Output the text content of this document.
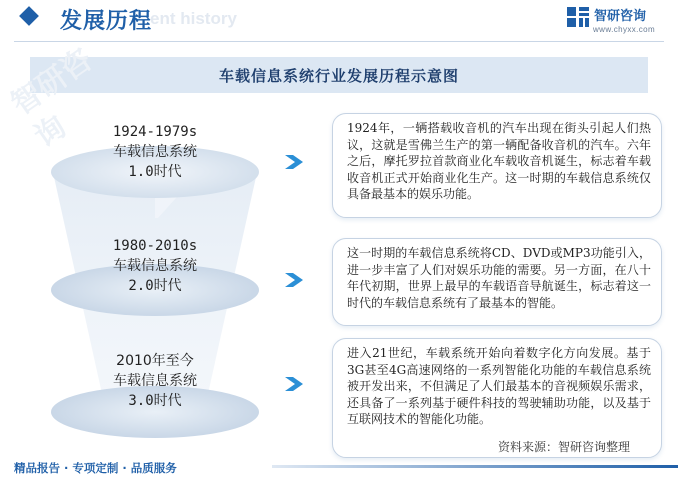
ent history
发展历程	智研咨询
www.chyxx.com
车载信息系统行业发展历程示意图
智研咨询	1924-1979s
车载信息系统
1.0时代
1980-2010s
车载信息系统
2.0时代
2010年至今
车载信息系统
3.0时代

1924年，一辆搭载收音机的汽车出现在街头引起人们热议，这就是雪佛兰生产的第一辆配备收音机的汽车。六年之后，摩托罗拉首款商业化车载收音机诞生，标志着车载收音机正式开始商业化生产。这一时期的车载信息系统仅具备最基本的娱乐功能。

这一时期的车载信息系统将CD、DVD或MP3功能引入，进一步丰富了人们对娱乐功能的需要。另一方面，在八十年代初期，世界上最早的车载语音导航诞生，标志着这一时代的车载信息系统有了最基本的智能。

进入21世纪，车载系统开始向着数字化方向发展。基于3G甚至4G高速网络的一系列智能化功能的车载信息系统被开发出来，不但满足了人们最基本的音视频娱乐需求，还具备了一系列基于硬件科技的驾驶辅助功能，以及基于互联网技术的智能化功能。

资料来源：智研咨询整理
精品报告 · 专项定制 · 品质服务
